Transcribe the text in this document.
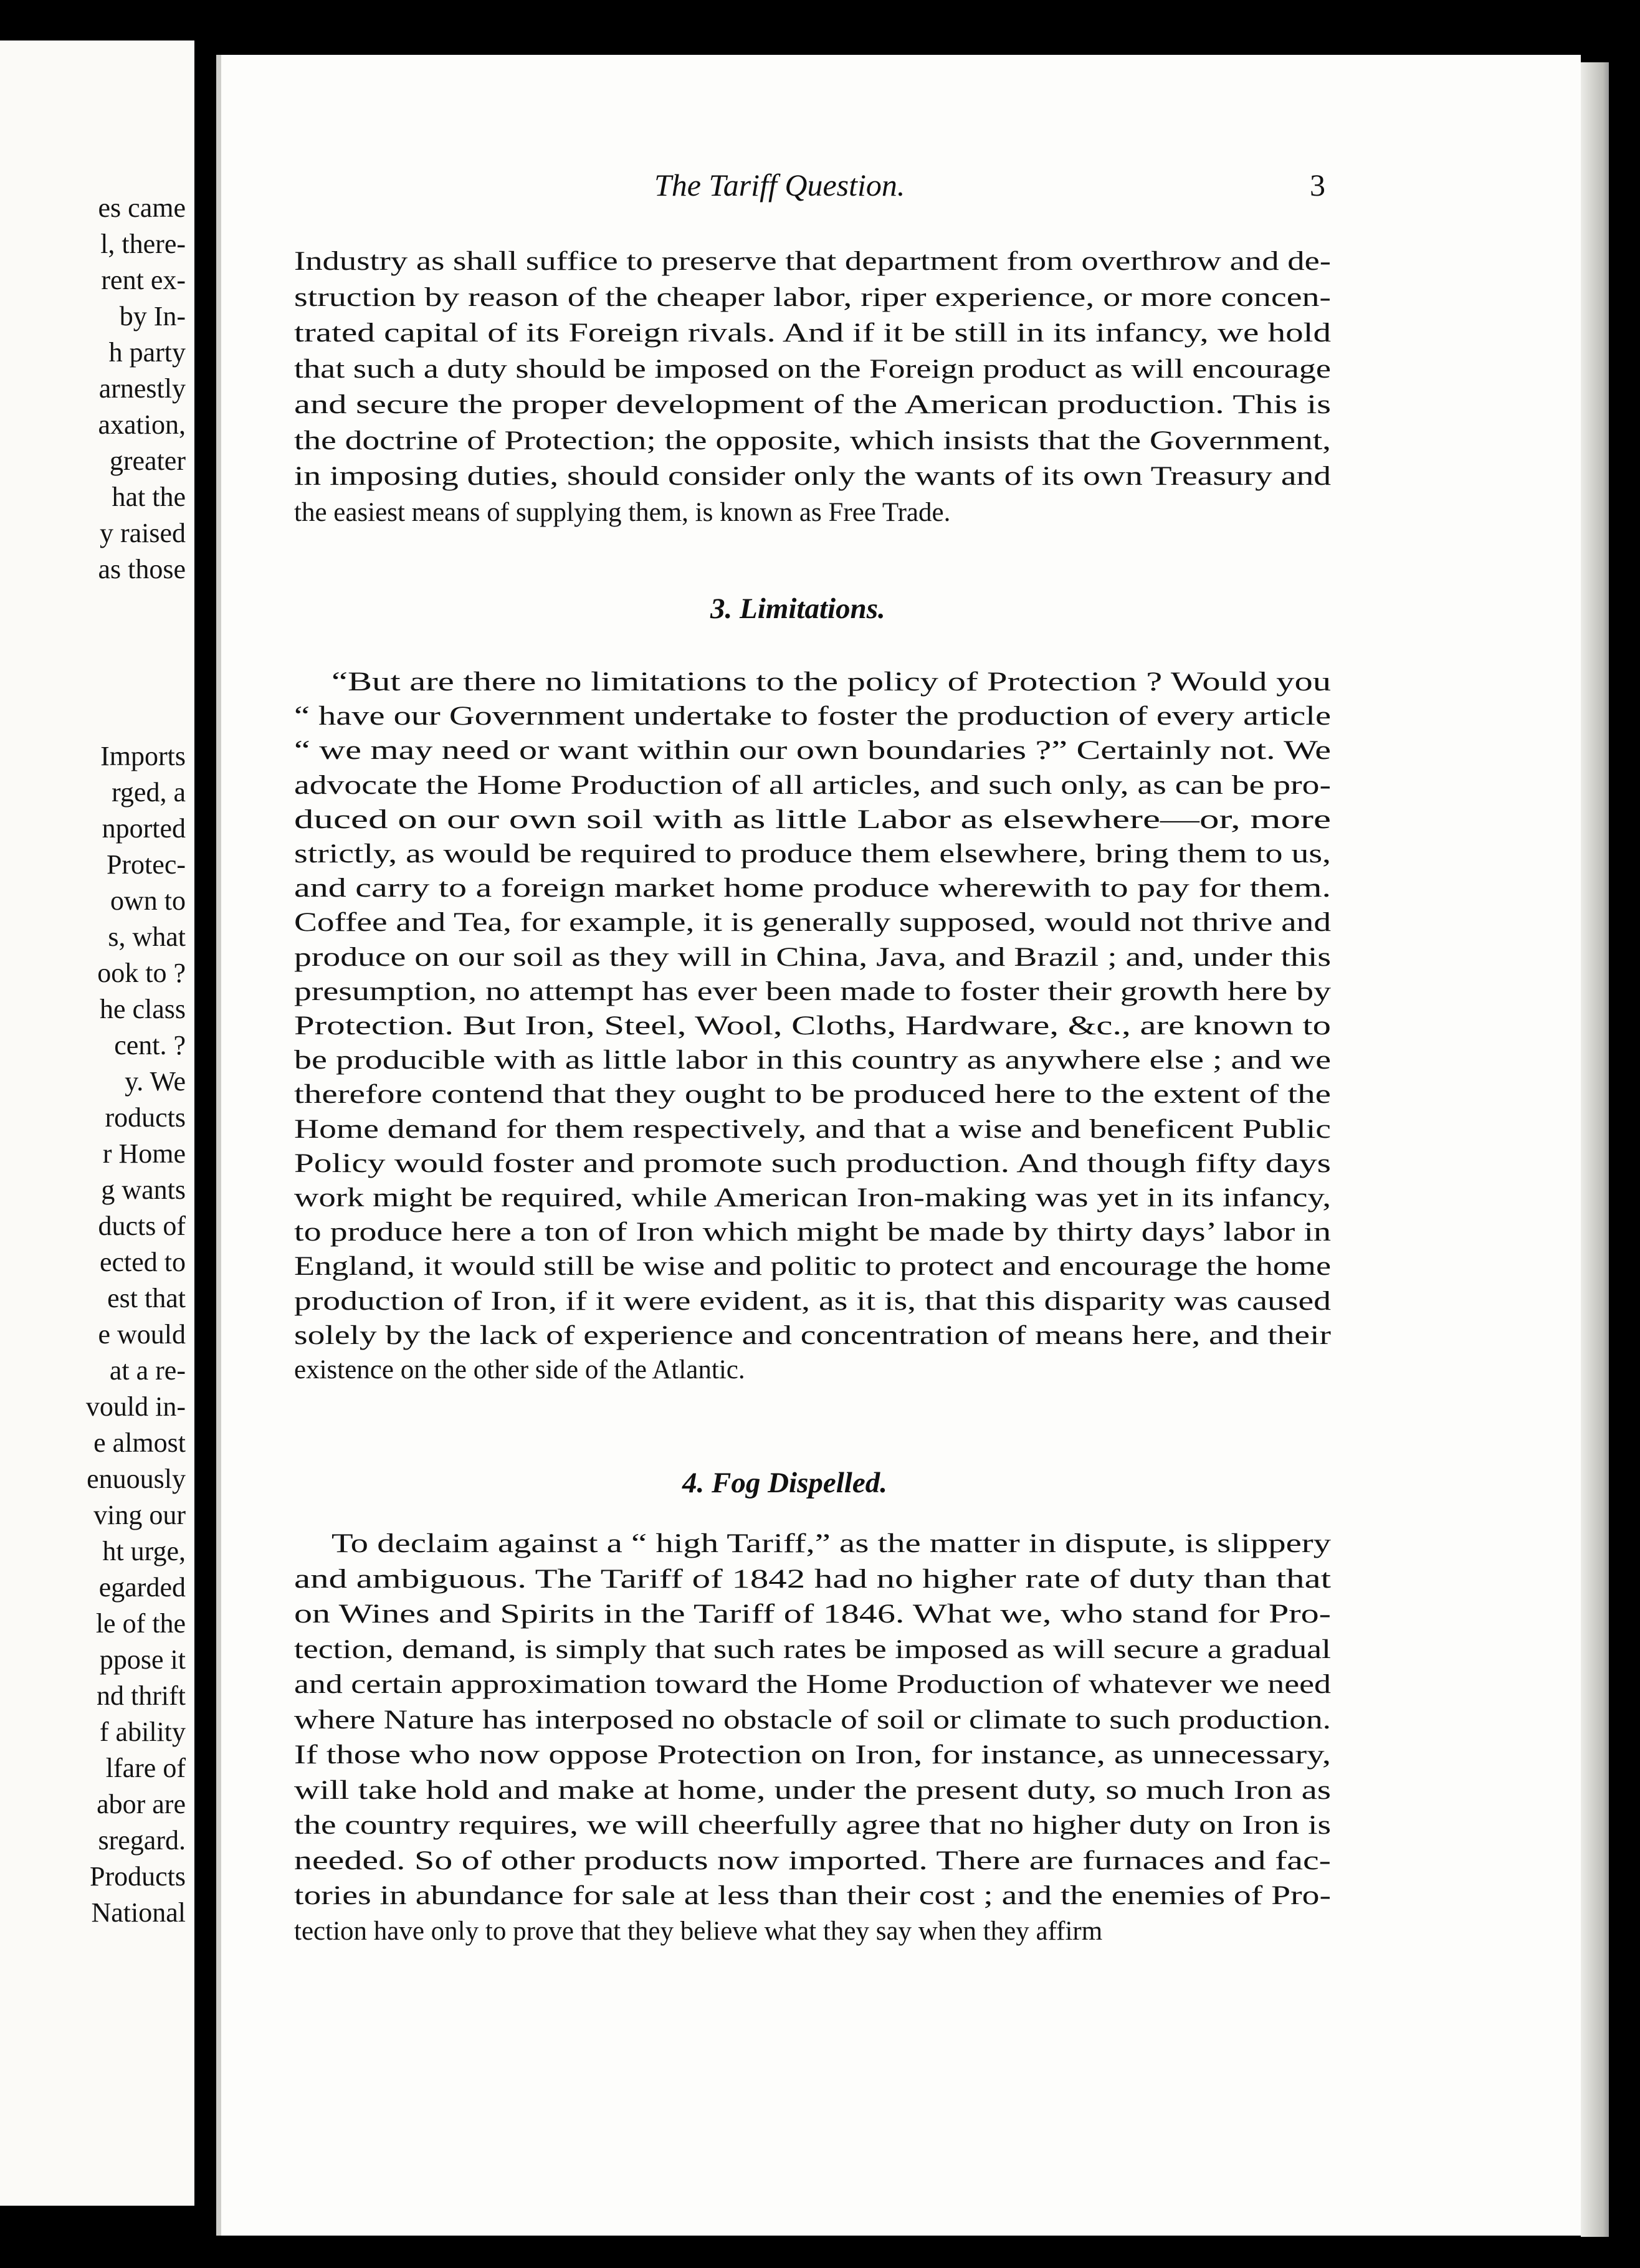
es came
l, there-
rent ex-
by In-
h party
arnestly
axation,
greater
hat the
y raised
as those
Imports
rged, a
nported
Protec-
own to
s, what
ook to ?
he class
cent. ?
y. We
roducts
r Home
g wants
ducts of
ected to
est that
e would
at a re-
vould in-
e almost
enuously
ving our
ht urge,
egarded
le of the
ppose it
nd thrift
f ability
lfare of
abor are
sregard.
Products
National
The Tariff Question.	3
Industry as shall suffice to preserve that department from overthrow and de-
struction by reason of the cheaper labor, riper experience, or more concen-
trated capital of its Foreign rivals. And if it be still in its infancy, we hold
that such a duty should be imposed on the Foreign product as will encourage
and secure the proper development of the American production. This is
the doctrine of Protection; the opposite, which insists that the Government,
in imposing duties, should consider only the wants of its own Treasury and
the easiest means of supplying them, is known as Free Trade.
“But are there no limitations to the policy of Protection ? Would you
“ have our Government undertake to foster the production of every article
“ we may need or want within our own boundaries ?” Certainly not. We
advocate the Home Production of all articles, and such only, as can be pro-
duced on our own soil with as little Labor as elsewhere—or, more
strictly, as would be required to produce them elsewhere, bring them to us,
and carry to a foreign market home produce wherewith to pay for them.
Coffee and Tea, for example, it is generally supposed, would not thrive and
produce on our soil as they will in China, Java, and Brazil ; and, under this
presumption, no attempt has ever been made to foster their growth here by
Protection. But Iron, Steel, Wool, Cloths, Hardware, &c., are known to
be producible with as little labor in this country as anywhere else ; and we
therefore contend that they ought to be produced here to the extent of the
Home demand for them respectively, and that a wise and beneficent Public
Policy would foster and promote such production. And though fifty days
work might be required, while American Iron-making was yet in its infancy,
to produce here a ton of Iron which might be made by thirty days’ labor in
England, it would still be wise and politic to protect and encourage the home
production of Iron, if it were evident, as it is, that this disparity was caused
solely by the lack of experience and concentration of means here, and their
existence on the other side of the Atlantic.
To declaim against a “ high Tariff,” as the matter in dispute, is slippery
and ambiguous. The Tariff of 1842 had no higher rate of duty than that
on Wines and Spirits in the Tariff of 1846. What we, who stand for Pro-
tection, demand, is simply that such rates be imposed as will secure a gradual
and certain approximation toward the Home Production of whatever we need
where Nature has interposed no obstacle of soil or climate to such production.
If those who now oppose Protection on Iron, for instance, as unnecessary,
will take hold and make at home, under the present duty, so much Iron as
the country requires, we will cheerfully agree that no higher duty on Iron is
needed. So of other products now imported. There are furnaces and fac-
tories in abundance for sale at less than their cost ; and the enemies of Pro-
tection have only to prove that they believe what they say when they affirm
3. Limitations.
4. Fog Dispelled.
